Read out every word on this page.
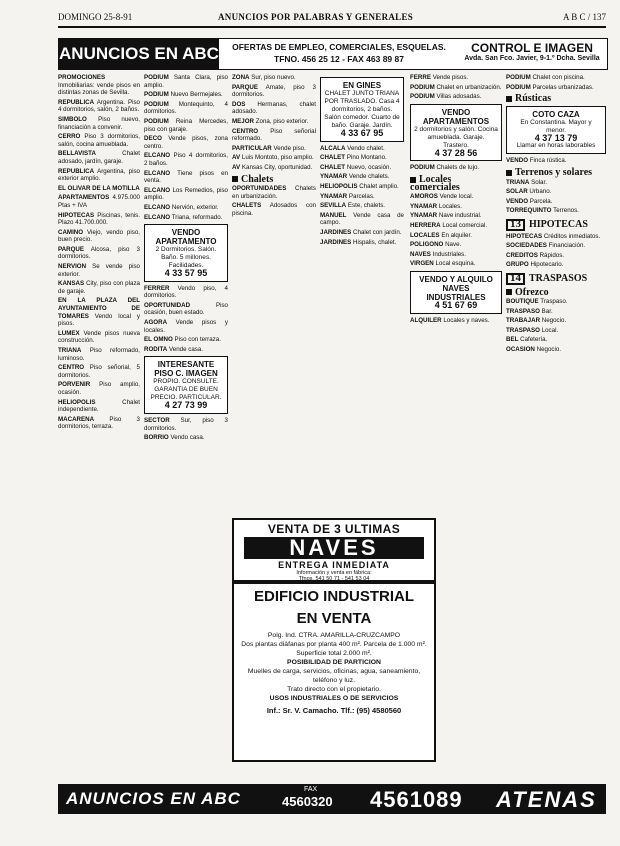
DOMINGO 25-8-91	ANUNCIOS POR PALABRAS Y GENERALES	A B C / 137
ANUNCIOS EN ABC	OFERTAS DE EMPLEO, COMERCIALES, ESQUELAS.
TFNO. 456 25 12 - FAX 463 89 87
CONTROL E IMAGEN
Avda. San Fco. Javier, 9-1.º Dcha. Sevilla

PROMOCIONES Inmobiliarias: vende pisos en distintas zonas de Sevilla.

REPUBLICA Argentina. Piso 4 dormitorios, salón, 2 baños.

SIMBOLO Piso nuevo, financiación a convenir.

CERRO Piso 3 dormitorios, salón, cocina amueblada.

BELLAVISTA	Chalet adosado, jardín, garaje.

REPUBLICA Argentina, piso exterior amplio.

EL OLIVAR DE LA MOTILLA

APARTAMENTOS 4.975.000 Ptas + IVA

HIPOTECAS Piscinas, tenis. Plazo 41.700.000.

CAMINO Viejo, vendo piso, buen precio.

PARQUE Alcosa, piso 3 dormitorios.

NERVION Se vende piso exterior.

KANSAS City, piso con plaza de garaje.

EN LA PLAZA DEL AYUNTAMIENTO DE TOMARES Vendo local y pisos.

LUMEX Vende pisos nueva construcción.

TRIANA Piso reformado, luminoso.

CENTRO Piso señorial, 5 dormitorios.

PORVENIR Piso amplio, ocasión.

HELIOPOLIS	Chalet independiente.

MACARENA Piso 3 dormitorios, terraza.

PODIUM Santa Clara, piso amplio.

PODIUM Nuevo Bermejales.

PODIUM Montequinto, 4 dormitorios.

PODIUM Reina Mercedes, piso con garaje.

DECO Vende pisos, zona centro.

ELCANO Piso 4 dormitorios, 2 baños.

ELCANO Tiene pisos en venta.

ELCANO Los Remedios, piso amplio.

ELCANO Nervión, exterior.

ELCANO Triana, reformado.

VENDO APARTAMENTO
2 Dormitorios. Salón. Baño. 5 millones. Facilidades.
4 33 57 95

FERRER Vendo piso, 4 dormitorios.

OPORTUNIDAD	Piso ocasión, buen estado.

AGORA Vende pisos y locales.

EL OMNO Piso con terraza.

RODITA Vende casa.

INTERESANTE PISO C. IMAGEN
PROPIO. CONSULTE. GARANTIA DE BUEN PRECIO. PARTICULAR.
4 27 73 99

SECTOR Sur, piso 3 dormitorios.

BORRIO Vendo casa.

ZONA Sur, piso nuevo.

PARQUE Amate, piso 3 dormitorios.

DOS Hermanas, chalet adosado.

MEJOR Zona, piso exterior.

CENTRO Piso señorial reformado.

PARTICULAR Vende piso.

AV Luis Montoto, piso amplio.

AV Kansas City, oportunidad.

Chalets

OPORTUNIDADES Chalets en urbanización.

CHALETS Adosados con piscina.

EN GINES
CHALET JUNTO TRIANA POR TRASLADO. Casa 4 dormitorios, 2 baños. Salón comedor. Cuarto de baño. Garaje. Jardín.
4 33 67 95

ALCALA Vendo chalet.

CHALET Pino Montano.

CHALET Nuevo, ocasión.

YNAMAR Vende chalets.

HELIOPOLIS Chalet amplio.

YNAMAR Parcelas.

SEVILLA Este, chalets.

MANUEL Vende casa de campo.

JARDINES Chalet con jardín.

JARDINES Hispalis, chalet.

FERRE Vende pisos.

PODIUM Chalet en urbanización.

PODIUM Villas adosadas.

VENDO APARTAMENTOS
2 dormitorios y salón. Cocina amueblada. Garaje. Trastero.
4 37 28 56

PODIUM Chalets de lujo.

Locales comerciales

AMOROS Vende local.

YNAMAR Locales.

YNAMAR Nave industrial.

HERRERA Local comercial.

LOCALES En alquiler.

POLIGONO Nave.

NAVES Industriales.

VIRGEN Local esquina.

VENDO Y ALQUILO NAVES INDUSTRIALES
4 51 67 69

ALQUILER Locales y naves.

PODIUM Chalet con piscina.

PODIUM Parcelas urbanizadas.

Rústicas
COTO CAZA
En Constantina. Mayor y menor.
4 37 13 79
Llamar en horas laborables

VENDO Finca rústica.

Terrenos y solares

TRIANA Solar.

SOLAR Urbano.

VENDO Parcela.

TORREQUINTO Terrenos.

13 HIPOTECAS

HIPOTECAS Créditos inmediatos.

SOCIEDADES Financiación.

CREDITOS Rápidos.

GRUPO Hipotecario.

14 TRASPASOS
Ofrezco

BOUTIQUE Traspaso.

TRASPASO Bar.

TRABAJAR Negocio.

TRASPASO Local.

BEL Cafetería.

OCASION Negocio.

VENTA DE 3 ULTIMAS
NAVES
ENTREGA INMEDIATA
Información y venta en fábrica:
Tfnos. 541 50 71 - 541 53 04
EDIFICIO INDUSTRIAL
EN VENTA
Polg. Ind. CTRA. AMARILLA-CRUZCAMPO
Dos plantas diáfanas por planta 400 m². Parcela de 1.000 m². Superficie total 2.000 m².
POSIBILIDAD DE PARTICION
Muelles de carga, servicios, oficinas, agua, saneamiento, teléfono y luz.
Trato directo con el propietario.
USOS INDUSTRIALES O DE SERVICIOS
Inf.: Sr. V. Camacho. Tlf.: (95) 4580560
ANUNCIOS EN ABC	FAX
4560320 4561089 ATENAS
